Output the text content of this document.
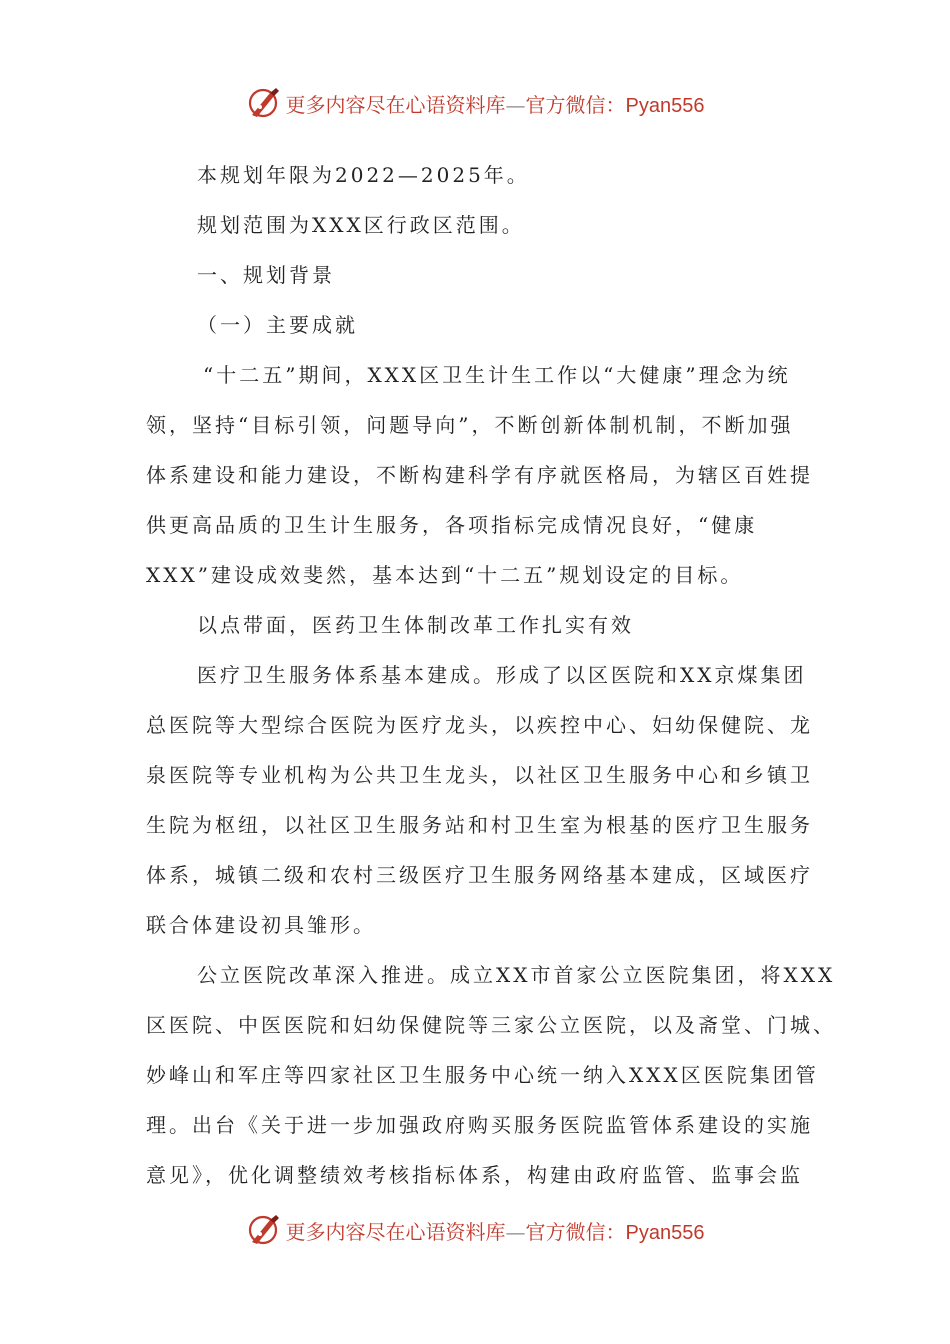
更多内容尽在心语资料库—官方微信：Pyan556
本规划年限为2022—2025年。
规划范围为XXX区行政区范围。
一、规划背景
（一）主要成就
“十二五”期间，XXX区卫生计生工作以“大健康”理念为统
领，坚持“目标引领，问题导向”，不断创新体制机制，不断加强
体系建设和能力建设，不断构建科学有序就医格局，为辖区百姓提
供更高品质的卫生计生服务，各项指标完成情况良好，“健康
XXX”建设成效斐然，基本达到“十二五”规划设定的目标。
以点带面，医药卫生体制改革工作扎实有效
医疗卫生服务体系基本建成。形成了以区医院和XX京煤集团
总医院等大型综合医院为医疗龙头，以疾控中心、妇幼保健院、龙
泉医院等专业机构为公共卫生龙头，以社区卫生服务中心和乡镇卫
生院为枢纽，以社区卫生服务站和村卫生室为根基的医疗卫生服务
体系，城镇二级和农村三级医疗卫生服务网络基本建成，区域医疗
联合体建设初具雏形。
公立医院改革深入推进。成立XX市首家公立医院集团，将XXX
区医院、中医医院和妇幼保健院等三家公立医院，以及斋堂、门城、
妙峰山和军庄等四家社区卫生服务中心统一纳入XXX区医院集团管
理。出台《关于进一步加强政府购买服务医院监管体系建设的实施
意见》，优化调整绩效考核指标体系，构建由政府监管、监事会监
更多内容尽在心语资料库—官方微信：Pyan556
